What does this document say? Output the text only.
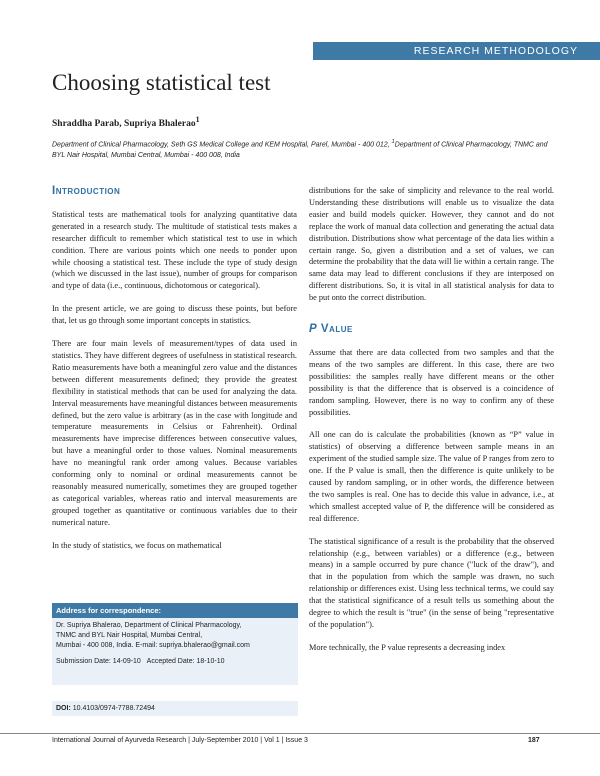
RESEARCH METHODOLOGY
Choosing statistical test
Shraddha Parab, Supriya Bhalerao$^1$
Department of Clinical Pharmacology, Seth GS Medical College and KEM Hospital, Parel, Mumbai - 400 012, $^1$Department of Clinical Pharmacology, TNMC and BYL Nair Hospital, Mumbai Central, Mumbai - 400 008, India
Introduction

Statistical tests are mathematical tools for analyzing quantitative data generated in a research study. The multitude of statistical tests makes a researcher difficult to remember which statistical test to use in which condition. There are various points which one needs to ponder upon while choosing a statistical test. These include the type of study design (which we discussed in the last issue), number of groups for comparison and type of data (i.e., continuous, dichotomous or categorical).

In the present article, we are going to discuss these points, but before that, let us go through some important concepts in statistics.

There are four main levels of measurement/types of data used in statistics. They have different degrees of usefulness in statistical research. Ratio measurements have both a meaningful zero value and the distances between different measurements defined; they provide the greatest flexibility in statistical methods that can be used for analyzing the data. Interval measurements have meaningful distances between measurements defined, but the zero value is arbitrary (as in the case with longitude and temperature measurements in Celsius or Fahrenheit). Ordinal measurements have imprecise differences between consecutive values, but have a meaningful order to those values. Nominal measurements have no meaningful rank order among values. Because variables conforming only to nominal or ordinal measurements cannot be reasonably measured numerically, sometimes they are grouped together as categorical variables, whereas ratio and interval measurements are grouped together as quantitative or continuous variables due to their numerical nature.

In the study of statistics, we focus on mathematical

Address for correspondence:
Dr. Supriya Bhalerao, Department of Clinical Pharmacology,
TNMC and BYL Nair Hospital, Mumbai Central,
Mumbai - 400 008, India. E-mail: supriya.bhalerao@gmail.com
Submission Date: 14-09-10 Accepted Date: 18-10-10
DOI: 10.4103/0974-7788.72494

distributions for the sake of simplicity and relevance to the real world. Understanding these distributions will enable us to visualize the data easier and build models quicker. However, they cannot and do not replace the work of manual data collection and generating the actual data distribution. Distributions show what percentage of the data lies within a certain range. So, given a distribution and a set of values, we can determine the probability that the data will lie within a certain range. The same data may lead to different conclusions if they are interposed on different distributions. So, it is vital in all statistical analysis for data to be put onto the correct distribution.

P Value

Assume that there are data collected from two samples and that the means of the two samples are different. In this case, there are two possibilities: the samples really have different means or the other possibility is that the difference that is observed is a coincidence of random sampling. However, there is no way to confirm any of these possibilities.

All one can do is calculate the probabilities (known as “P” value in statistics) of observing a difference between sample means in an experiment of the studied sample size. The value of P ranges from zero to one. If the P value is small, then the difference is quite unlikely to be caused by random sampling, or in other words, the difference between the two samples is real. One has to decide this value in advance, i.e., at which smallest accepted value of P, the difference will be considered as real difference.

The statistical significance of a result is the probability that the observed relationship (e.g., between variables) or a difference (e.g., between means) in a sample occurred by pure chance ("luck of the draw"), and that in the population from which the sample was drawn, no such relationship or differences exist. Using less technical terms, we could say that the statistical significance of a result tells us something about the degree to which the result is "true" (in the sense of being "representative of the population").

More technically, the P value represents a decreasing index

International Journal of Ayurveda Research | July-September 2010 | Vol 1 | Issue 3	187
